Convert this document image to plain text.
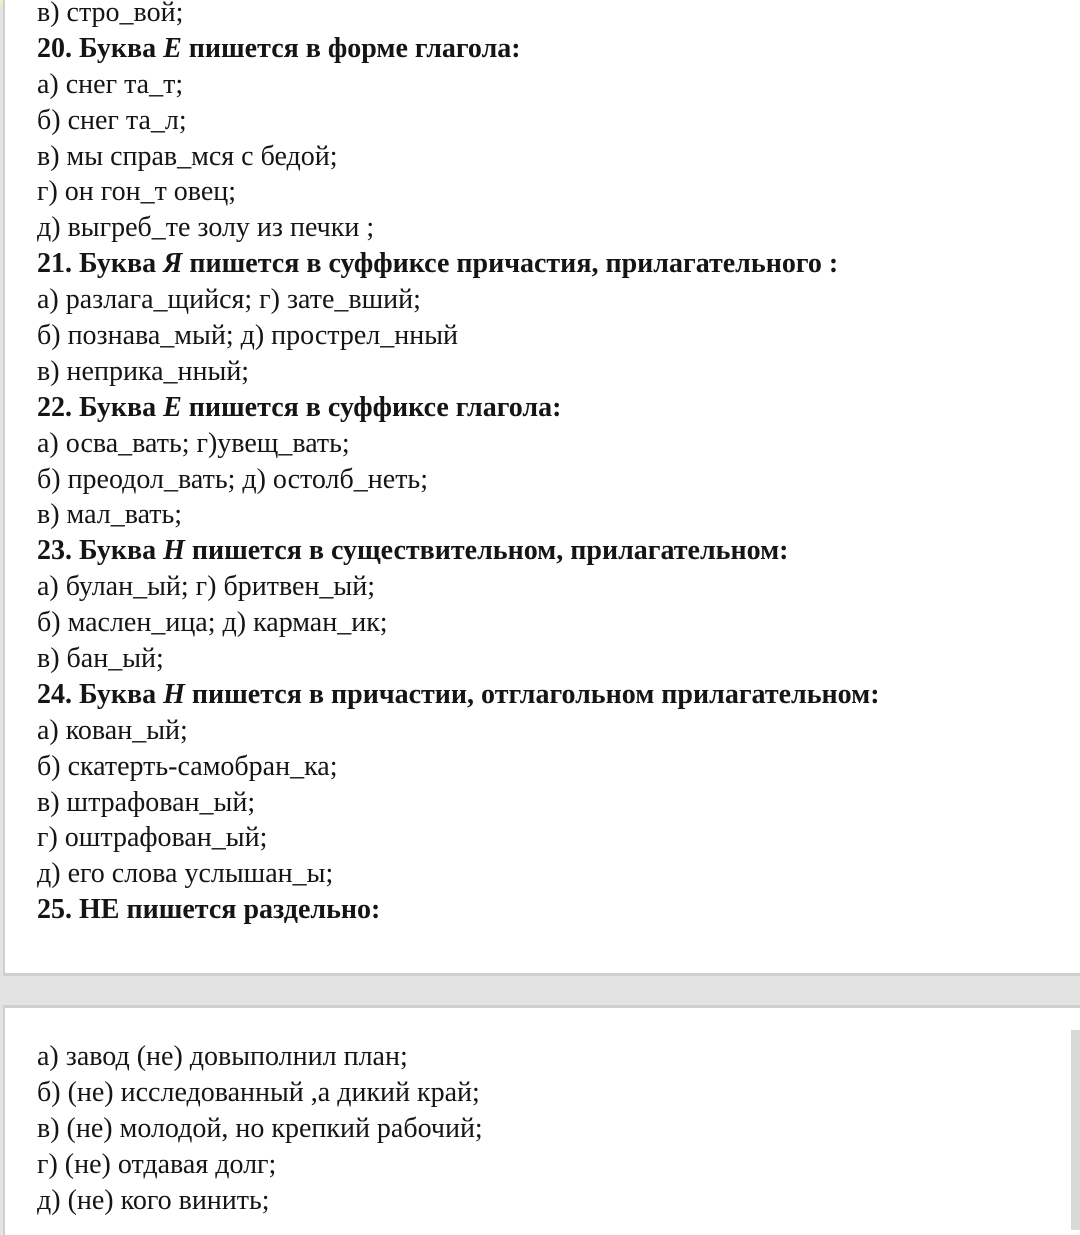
в) стро_вой;
20. Буква Е пишется в форме глагола:
а) снег та_т;
б) снег та_л;
в) мы справ_мся с бедой;
г) он гон_т овец;
д) выгреб_те золу из печки ;
21. Буква Я пишется в суффиксе причастия, прилагательного :
а) разлага_щийся; г) зате_вший;
б) познава_мый; д) прострел_нный
в) неприка_нный;
22. Буква Е пишется в суффиксе глагола:
а) осва_вать; г)увещ_вать;
б) преодол_вать; д) остолб_неть;
в) мал_вать;
23. Буква Н пишется в существительном, прилагательном:
а) булан_ый; г) бритвен_ый;
б) маслен_ица; д) карман_ик;
в) бан_ый;
24. Буква Н пишется в причастии, отглагольном прилагательном:
а) кован_ый;
б) скатерть-самобран_ка;
в) штрафован_ый;
г) оштрафован_ый;
д) его слова услышан_ы;
25. НЕ пишется раздельно:
а) завод (не) довыполнил план;
б) (не) исследованный ,а дикий край;
в) (не) молодой, но крепкий рабочий;
г) (не) отдавая долг;
д) (не) кого винить;
